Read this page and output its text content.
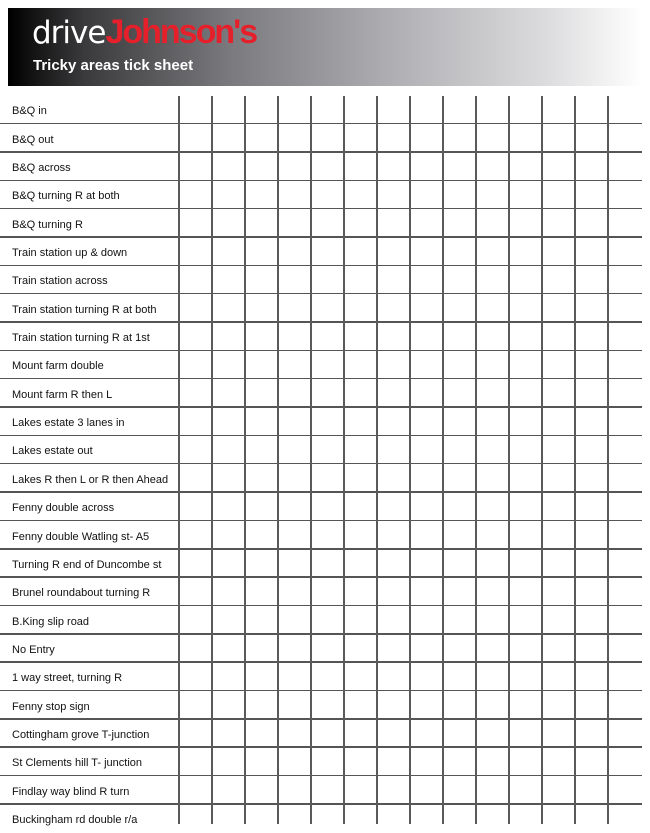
driveJohnson's
Tricky areas tick sheet
B&Q in
B&Q out
B&Q across
B&Q turning R at both
B&Q turning R
Train station up & down
Train station across
Train station turning R at both
Train station turning R at 1st
Mount farm double
Mount farm R then L
Lakes estate 3 lanes in
Lakes estate out
Lakes R then L or R then Ahead
Fenny double across
Fenny double Watling st- A5
Turning R end of Duncombe st
Brunel roundabout turning R
B.King slip road
No Entry
1 way street, turning R
Fenny stop sign
Cottingham grove T-junction
St Clements hill T- junction
Findlay way blind R turn
Buckingham rd double r/a
